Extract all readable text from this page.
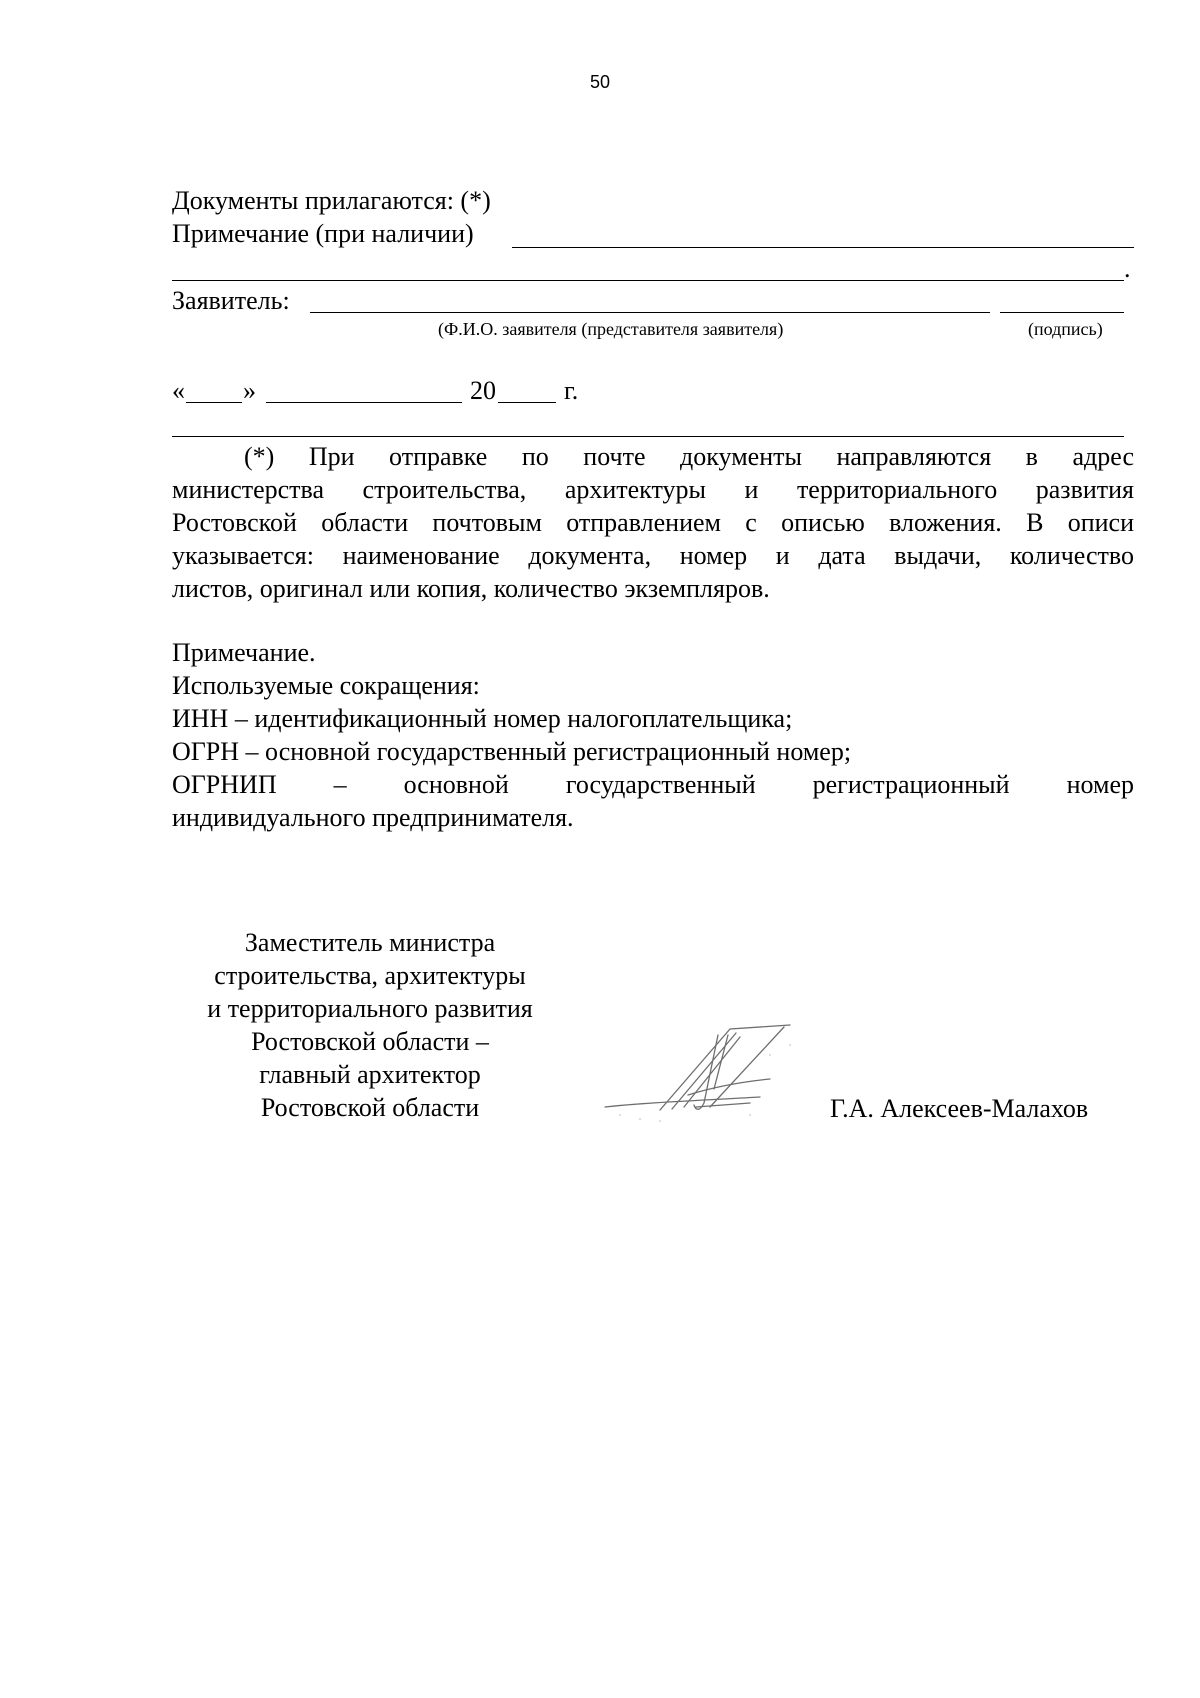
50
Документы прилагаются: (*)
Примечание (при наличии)
.
Заявитель:
(Ф.И.О. заявителя (представителя заявителя)	(подпись)
« »	20	г.
(*) При отправке по почте документы направляются в адрес
министерства строительства, архитектуры и территориального развития
Ростовской области почтовым отправлением с описью вложения. В описи
указывается: наименование документа, номер и дата выдачи, количество
листов, оригинал или копия, количество экземпляров.
Примечание.
Используемые сокращения:
ИНН – идентификационный номер налогоплательщика;
ОГРН – основной государственный регистрационный номер;
ОГРНИП – основной государственный регистрационный номер
индивидуального предпринимателя.
Заместитель министра
строительства, архитектуры
и территориального развития
Ростовской области –
главный архитектор
Ростовской области	Г.А. Алексеев-Малахов
